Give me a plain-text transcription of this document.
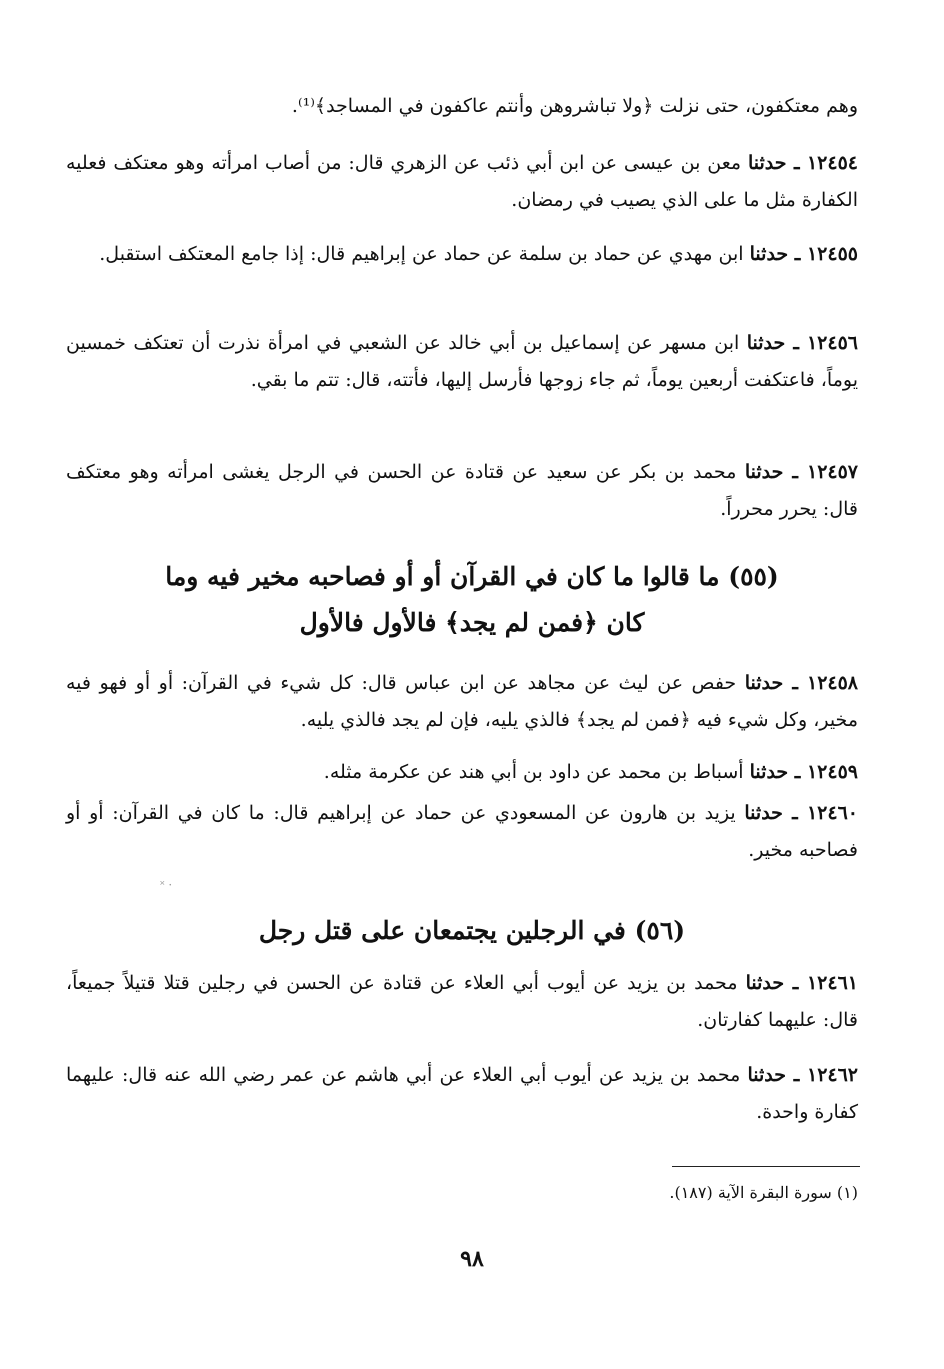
وهم معتكفون، حتى نزلت ﴿ولا تباشروهن وأنتم عاكفون في المساجد﴾⁽¹⁾.

١٢٤٥٤ ـ حدثنا معن بن عيسى عن ابن أبي ذئب عن الزهري قال: من أصاب امرأته وهو معتكف فعليه الكفارة مثل ما على الذي يصيب في رمضان.

١٢٤٥٥ ـ حدثنا ابن مهدي عن حماد بن سلمة عن حماد عن إبراهيم قال: إذا جامع المعتكف استقبل.

١٢٤٥٦ ـ حدثنا ابن مسهر عن إسماعيل بن أبي خالد عن الشعبي في امرأة نذرت أن تعتكف خمسين يوماً، فاعتكفت أربعين يوماً، ثم جاء زوجها فأرسل إليها، فأتته، قال: تتم ما بقي.

١٢٤٥٧ ـ حدثنا محمد بن بكر عن سعيد عن قتادة عن الحسن في الرجل يغشى امرأته وهو معتكف قال: يحرر محرراً.

(٥٥) ما قالوا ما كان في القرآن أو أو فصاحبه مخير فيه وما
كان ﴿فمن لم يجد﴾ فالأول فالأول

١٢٤٥٨ ـ حدثنا حفص عن ليث عن مجاهد عن ابن عباس قال: كل شيء في القرآن: أو أو فهو فيه مخير، وكل شيء فيه ﴿فمن لم يجد﴾ فالذي يليه، فإن لم يجد فالذي يليه.

١٢٤٥٩ ـ حدثنا أسباط بن محمد عن داود بن أبي هند عن عكرمة مثله.

١٢٤٦٠ ـ حدثنا يزيد بن هارون عن المسعودي عن حماد عن إبراهيم قال: ما كان في القرآن: أو أو فصاحبه مخير.

˟ ·
(٥٦) في الرجلين يجتمعان على قتل رجل

١٢٤٦١ ـ حدثنا محمد بن يزيد عن أيوب أبي العلاء عن قتادة عن الحسن في رجلين قتلا قتيلاً جميعاً، قال: عليهما كفارتان.

١٢٤٦٢ ـ حدثنا محمد بن يزيد عن أيوب أبي العلاء عن أبي هاشم عن عمر رضي الله عنه قال: عليهما كفارة واحدة.

(١) سورة البقرة الآية (١٨٧).

٩٨
